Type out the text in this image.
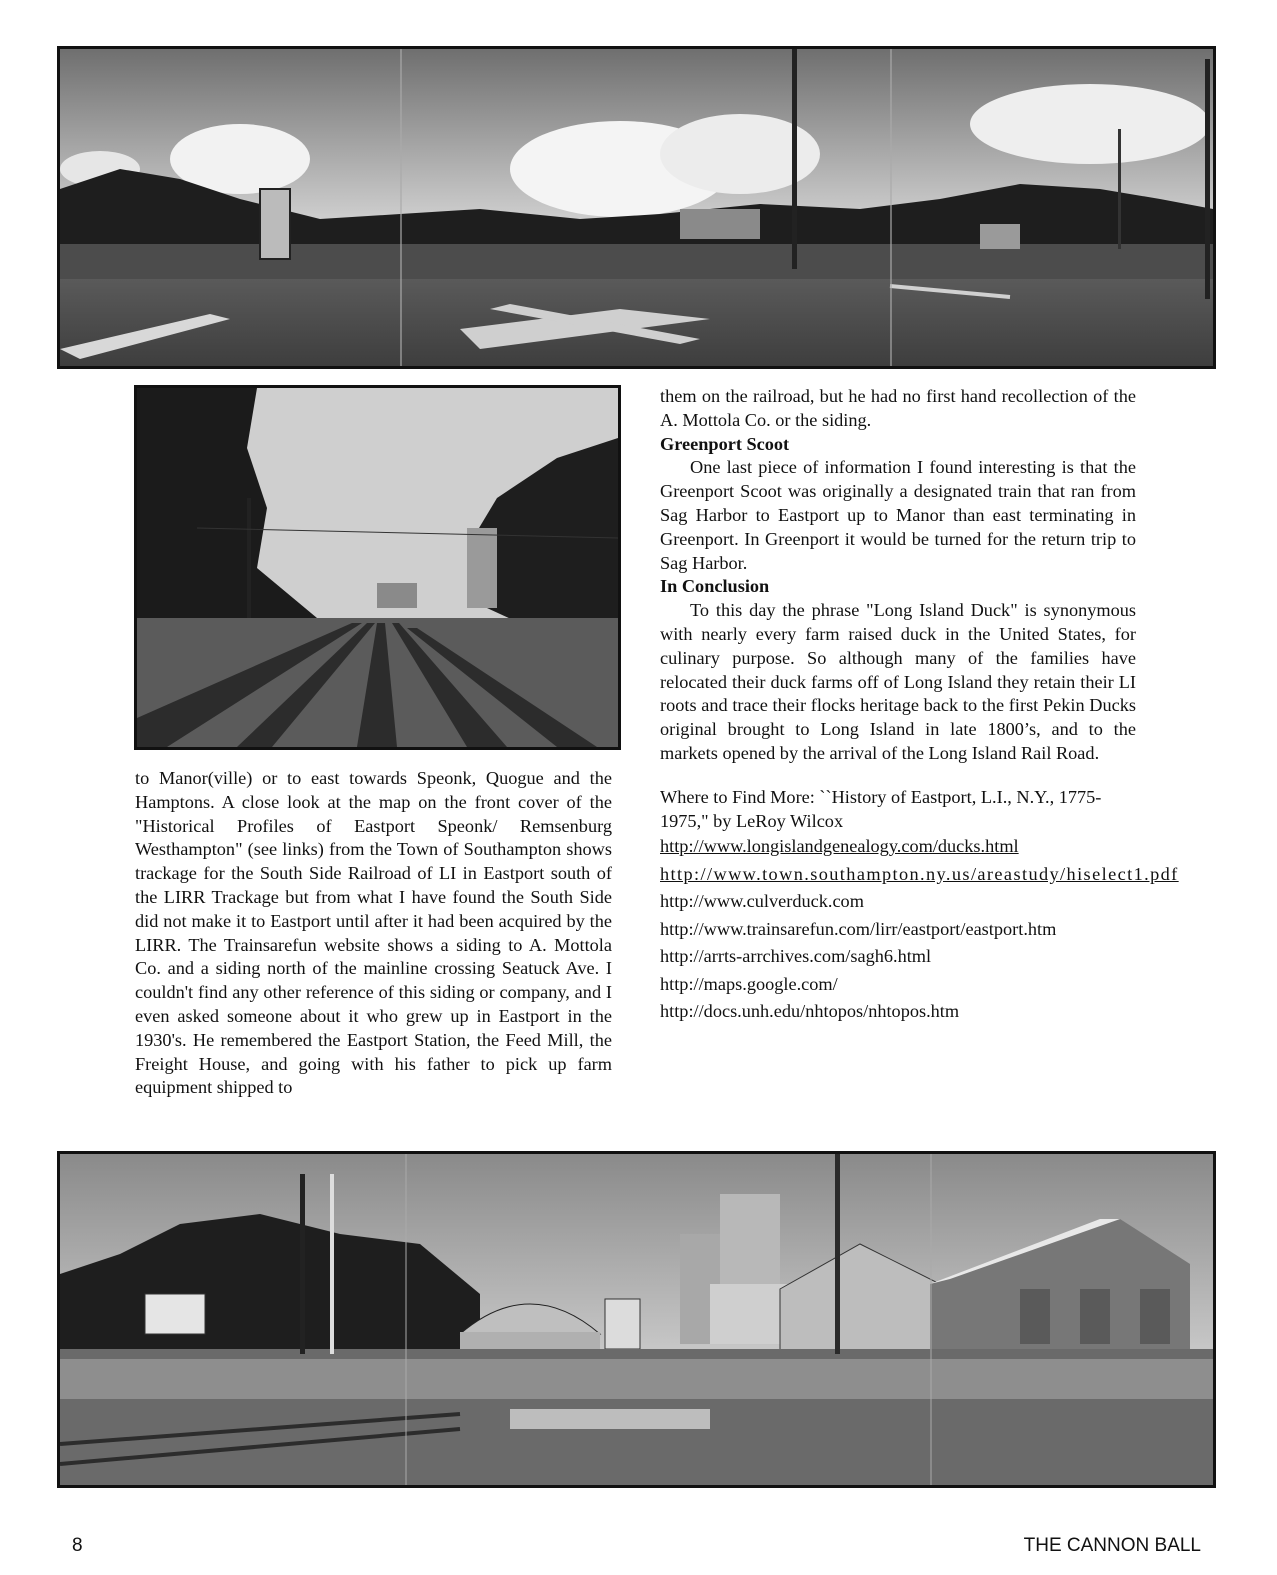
to Manor(ville) or to east towards Speonk, Quogue and the Hamptons. A close look at the map on the front cover of the "Historical Profiles of Eastport Speonk/ Remsenburg Westhampton" (see links) from the Town of Southampton shows trackage for the South Side Railroad of LI in Eastport south of the LIRR Trackage but from what I have found the South Side did not make it to Eastport until after it had been acquired by the LIRR. The Trainsarefun website shows a siding to A. Mottola Co. and a siding north of the mainline crossing Seatuck Ave. I couldn't find any other reference of this siding or company, and I even asked someone about it who grew up in Eastport in the 1930's. He remembered the Eastport Station, the Feed Mill, the Freight House, and going with his father to pick up farm equipment shipped to

them on the railroad, but he had no first hand recollection of the A. Mottola Co. or the siding.

Greenport Scoot

One last piece of information I found interesting is that the Greenport Scoot was originally a designated train that ran from Sag Harbor to Eastport up to Manor than east terminating in Greenport. In Greenport it would be turned for the return trip to Sag Harbor.

In Conclusion

To this day the phrase "Long Island Duck" is synonymous with nearly every farm raised duck in the United States, for culinary purpose. So although many of the families have relocated their duck farms off of Long Island they retain their LI roots and trace their flocks heritage back to the first Pekin Ducks original brought to Long Island in late 1800’s, and to the markets opened by the arrival of the Long Island Rail Road.

Where to Find More: ``History of Eastport, L.I., N.Y., 1775-1975," by LeRoy Wilcox

http://www.longislandgenealogy.com/ducks.html
http://www.town.southampton.ny.us/areastudy/hiselect1.pdf
http://www.culverduck.com
http://www.trainsarefun.com/lirr/eastport/eastport.htm
http://arrts-arrchives.com/sagh6.html
http://maps.google.com/
http://docs.unh.edu/nhtopos/nhtopos.htm
8	THE CANNON BALL
